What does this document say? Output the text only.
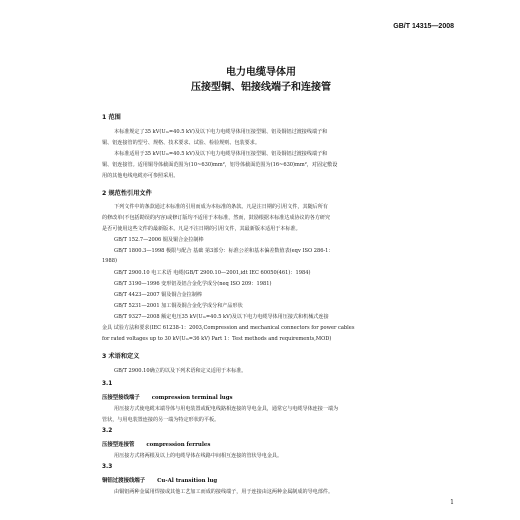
GB/T 14315—2008
电力电缆导体用
压接型铜、铝接线端子和连接管
1 范围
本标准规定了35 kV(Uₘ=40.5 kV)及以下电力电缆导体用压接型铜、铝及铜铝过渡接线端子和
铜、铝连接管的型号、规格、技术要求、试验、检验规则、包装要求。
本标准适用于35 kV(Uₘ=40.5 kV)及以下电力电缆导体用压接型铜、铝及铜铝过渡接线端子和
铜、铝连接管。适用铜导体截面范围为(10~630)mm²，铝导体截面范围为(16~630)mm²，对固定敷设
用的其他电线电缆亦可参照采用。
2 规范性引用文件
下列文件中的条款通过本标准的引用而成为本标准的条款。凡是注日期的引用文件，其随后所有
的修改单(不包括勘误的内容)或修订版均不适用于本标准，然而，鼓励根据本标准达成协议的各方研究
是否可使用这些文件的最新版本。凡是不注日期的引用文件，其最新版本适用于本标准。
GB/T 152.7—2006 铜及铜合金拉制棒
GB/T 1800.3—1998 极限与配合 基础 第3部分：标准公差和基本偏差数值表(eqv ISO 286-1：
1988)
GB/T 2900.10 电工术语 电缆(GB/T 2900.10—2001,idt IEC 60050(461)：1984)
GB/T 3190—1996 变形铝及铝合金化学成分(neq ISO 209：1981)
GB/T 4423—2007 铜及铜合金拉制棒
GB/T 5231—2001 加工铜及铜合金化学成分和产品形状
GB/T 9327—2008 额定电压35 kV(Uₘ=40.5 kV)及以下电力电缆导体用压接式和机械式连接
金具 试验方法和要求(IEC 61238-1：2003,Compression and mechanical connectors for power cables
for rated voltages up to 30 kV(Uₘ=36 kV) Part 1：Test methods and requirements,MOD)
3 术语和定义
GB/T 2900.10确立的以及下列术语和定义适用于本标准。
3.1
压接型接线端子 compression terminal lugs
用压接方式使电缆末端导体与用电装置或配电线路相连接的导电金具，通常它与电缆导体连接一端为
管状，与用电装置连接的另一端为特定形状的平板。
3.2
压接型连接管 compression ferrules
用压接方式将两根及以上的电缆导体在线路中间相互连接的管状导电金具。
3.3
铜铝过渡接线端子 Cu-Al transition lug
由铜铝两种金属用焊接或其他工艺加工而成的接线端子，用于连接由这两种金属制成的导电部件。
1
